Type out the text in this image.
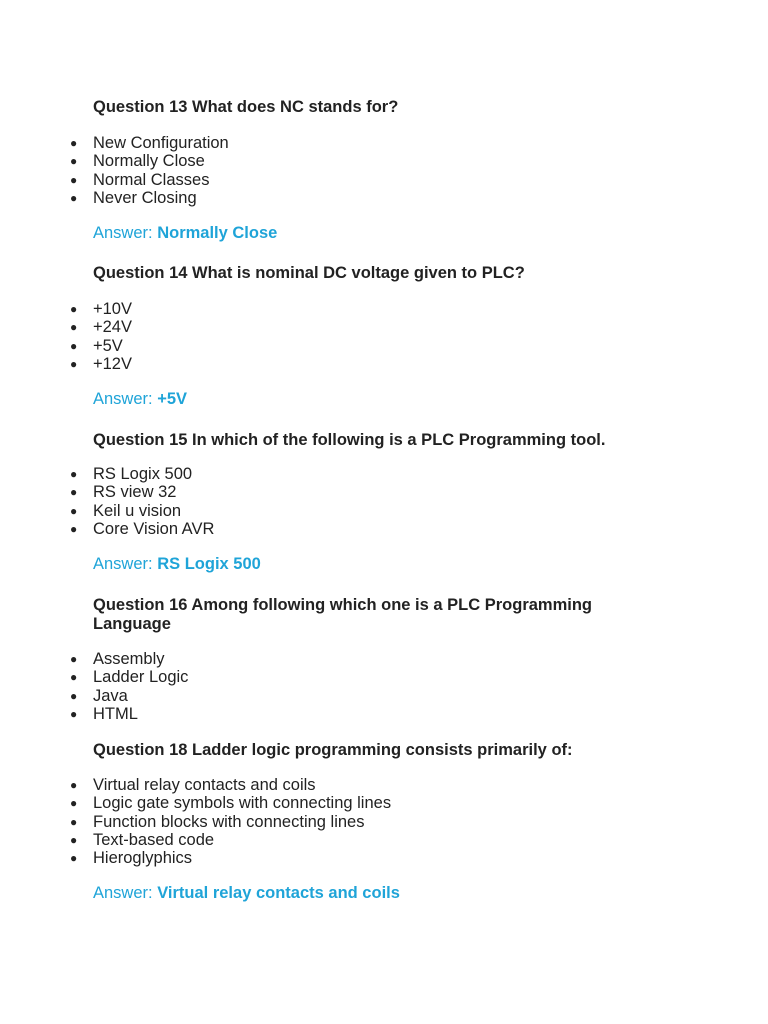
Question 13 What does NC stands for?

● New Configuration
● Normally Close
● Normal Classes
● Never Closing
Answer: Normally Close

Question 14 What is nominal DC voltage given to PLC?

● +10V
● +24V
● +5V
● +12V
Answer: +5V

Question 15 In which of the following is a PLC Programming tool.

● RS Logix 500
● RS view 32
● Keil u vision
● Core Vision AVR
Answer: RS Logix 500

Question 16 Among following which one is a PLC Programming
Language

● Assembly
● Ladder Logic
● Java
● HTML

Question 18 Ladder logic programming consists primarily of:

● Virtual relay contacts and coils
● Logic gate symbols with connecting lines
● Function blocks with connecting lines
● Text-based code
● Hieroglyphics
Answer: Virtual relay contacts and coils
